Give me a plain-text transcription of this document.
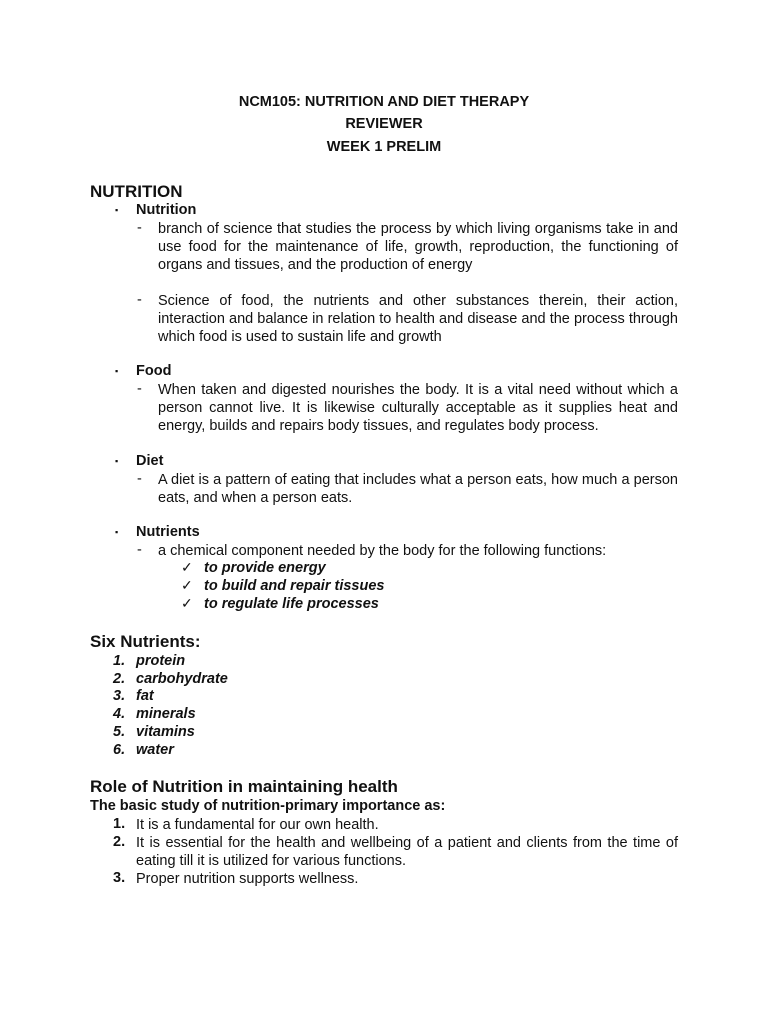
NCM105: NUTRITION AND DIET THERAPY
REVIEWER
WEEK 1 PRELIM
NUTRITION
▪ Nutrition
- branch of science that studies the process by which living organisms take in and use food for the maintenance of life, growth, reproduction, the functioning of organs and tissues, and the production of energy
- Science of food, the nutrients and other substances therein, their action, interaction and balance in relation to health and disease and the process through which food is used to sustain life and growth
▪ Food
- When taken and digested nourishes the body. It is a vital need without which a person cannot live. It is likewise culturally acceptable as it supplies heat and energy, builds and repairs body tissues, and regulates body process.
▪ Diet
- A diet is a pattern of eating that includes what a person eats, how much a person eats, and when a person eats.
▪ Nutrients
- a chemical component needed by the body for the following functions:
✓ to provide energy
✓ to build and repair tissues
✓ to regulate life processes
Six Nutrients:
1. protein
2. carbohydrate
3. fat
4. minerals
5. vitamins
6. water
Role of Nutrition in maintaining health
The basic study of nutrition-primary importance as:
1. It is a fundamental for our own health.
2. It is essential for the health and wellbeing of a patient and clients from the time of eating till it is utilized for various functions.
3. Proper nutrition supports wellness.
